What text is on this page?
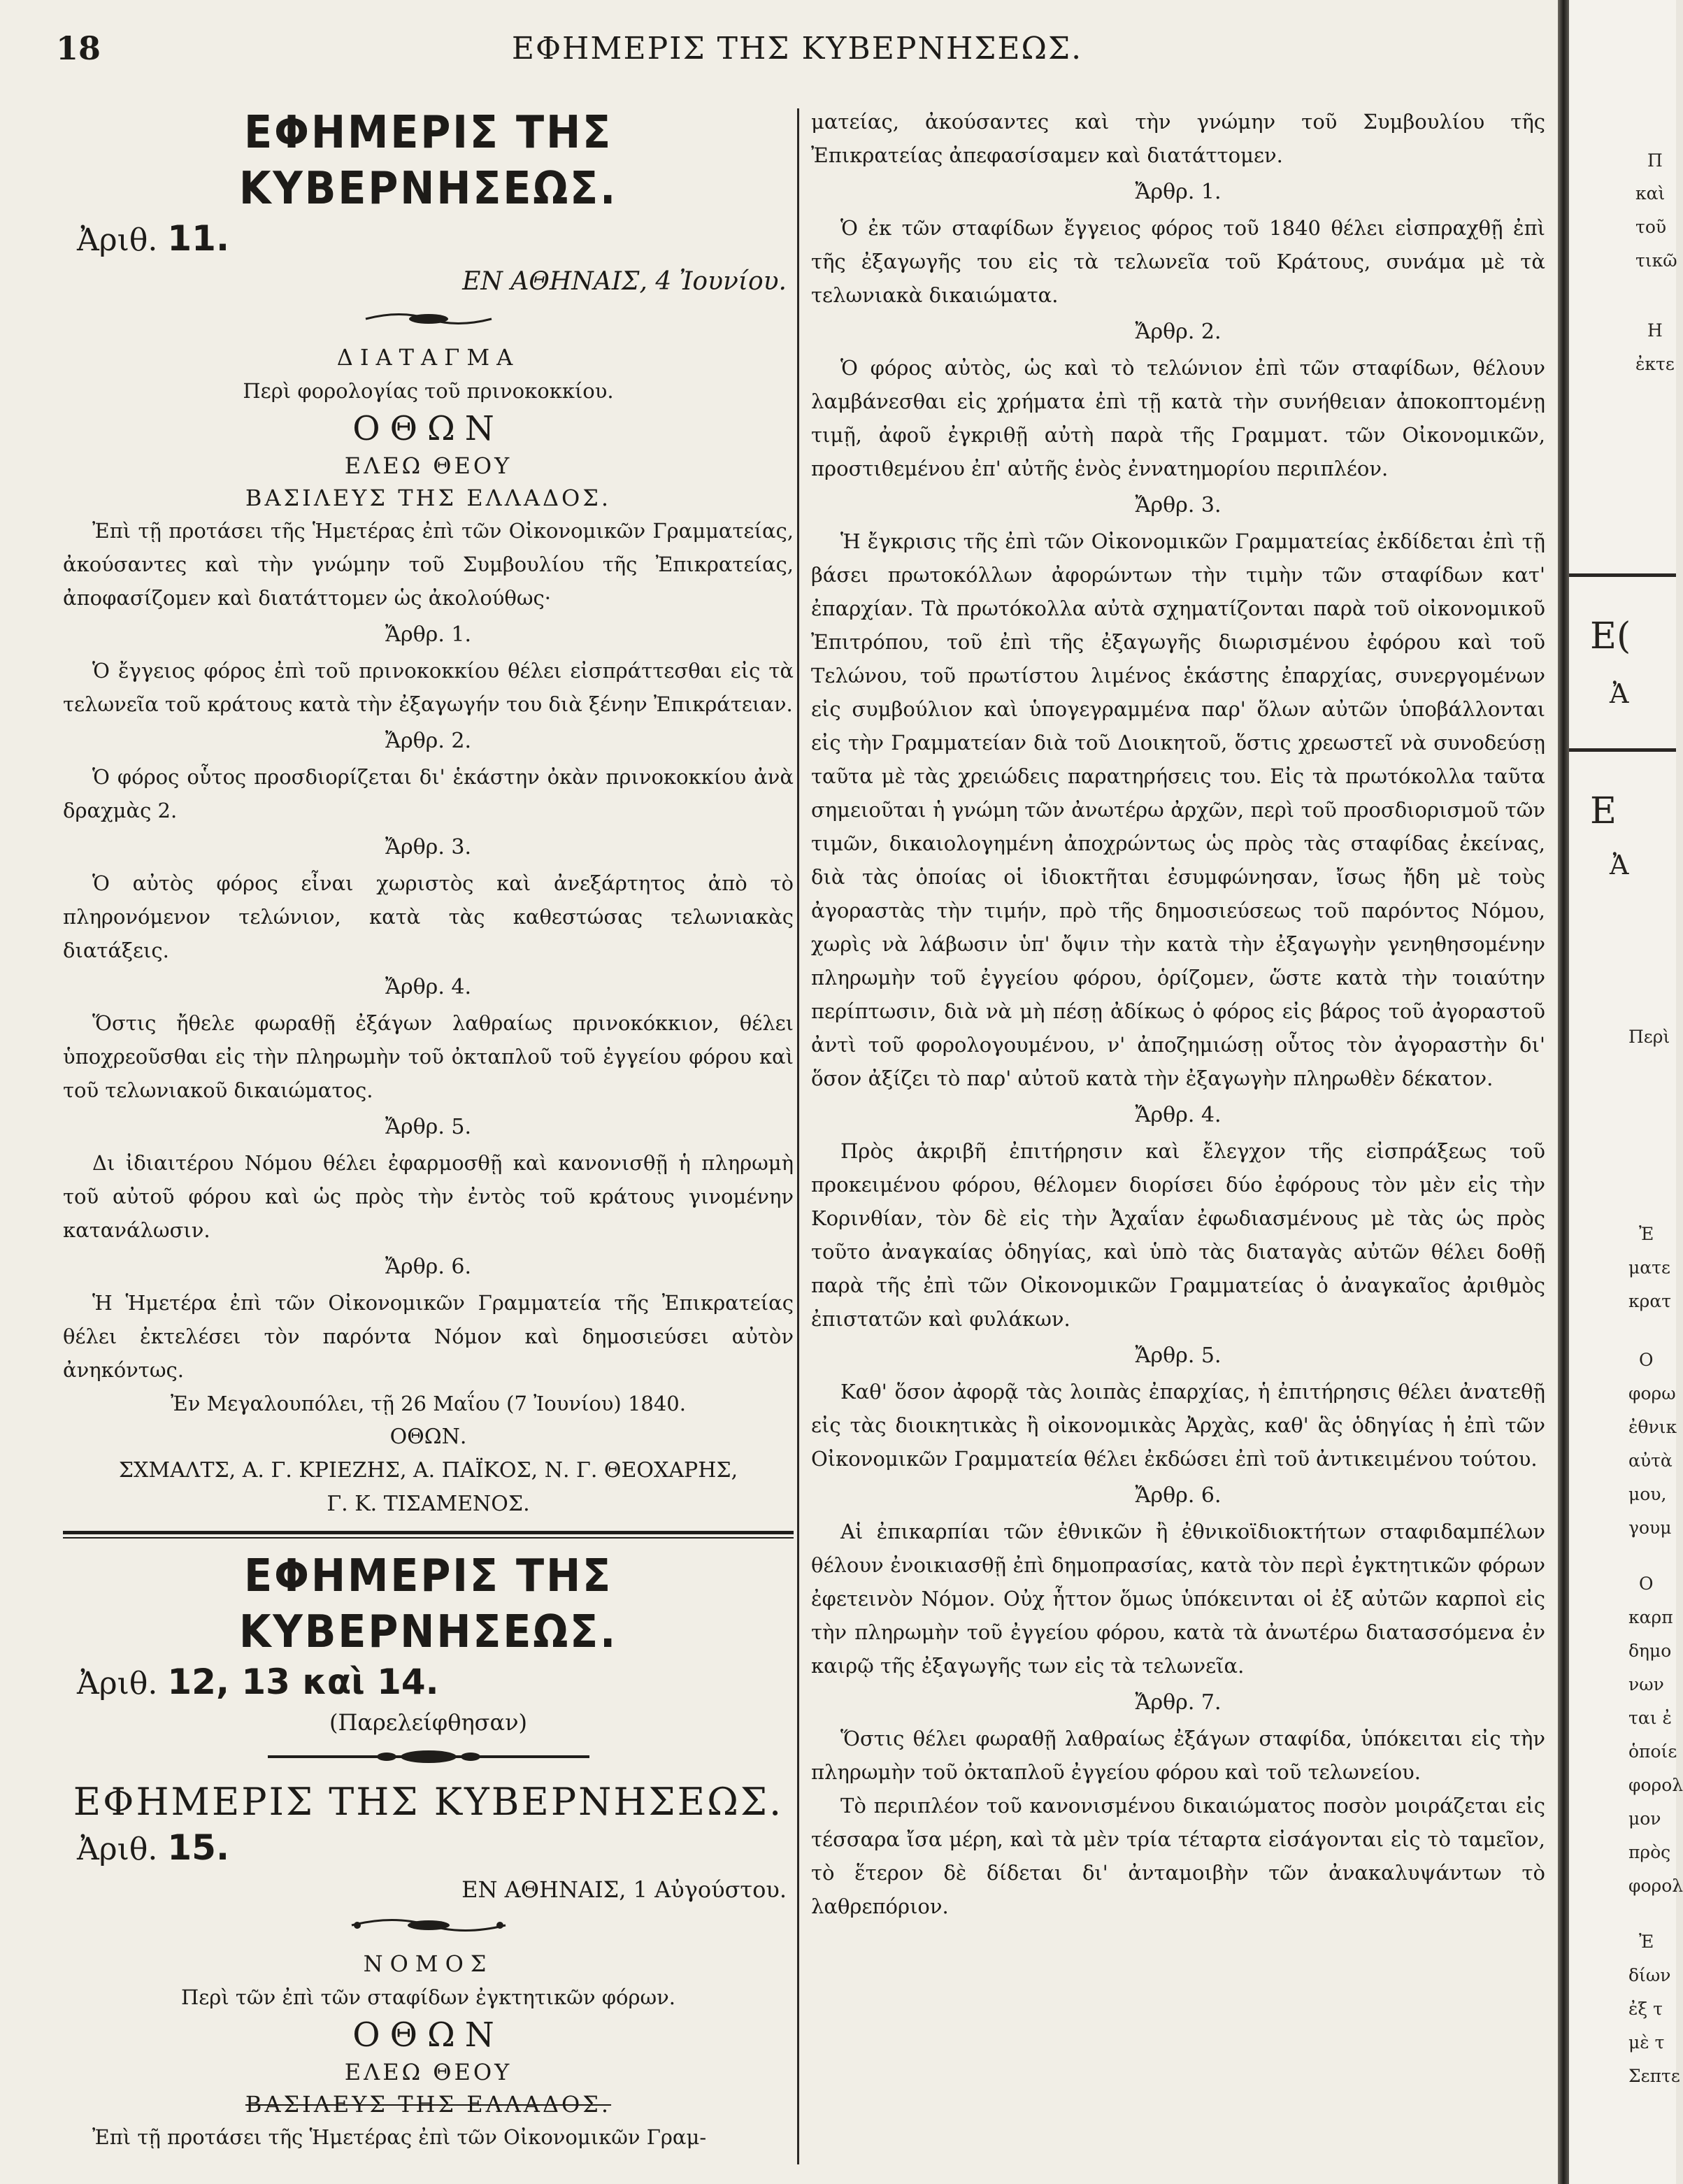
18	ΕΦΗΜΕΡΙΣ ΤΗΣ ΚΥΒΕΡΝΗΣΕΩΣ.
ΕΦΗΜΕΡΙΣ ΤΗΣ ΚΥΒΕΡΝΗΣΕΩΣ.
Ἀριθ. 11.
ΕΝ ΑΘΗΝΑΙΣ, 4 Ἰουνίου.
ΔΙΑΤΑΓΜΑ
Περὶ φορολογίας τοῦ πρινοκοκκίου.
ΟΘΩΝ
ΕΛΕΩ ΘΕΟΥ
ΒΑΣΙΛΕΥΣ ΤΗΣ ΕΛΛΑΔΟΣ.
Ἐπὶ τῇ προτάσει τῆς Ἡμετέρας ἐπὶ τῶν Οἰκονομικῶν Γραμματείας, ἀκούσαντες καὶ τὴν γνώμην τοῦ Συμβουλίου τῆς Ἐπικρατείας, ἀποφασίζομεν καὶ διατάττομεν ὡς ἀκολούθως·
Ἄρθρ. 1.
Ὁ ἔγγειος φόρος ἐπὶ τοῦ πρινοκοκκίου θέλει εἰσπράττεσθαι εἰς τὰ τελωνεῖα τοῦ κράτους κατὰ τὴν ἐξαγωγήν του διὰ ξένην Ἐπικράτειαν.
Ἄρθρ. 2.
Ὁ φόρος οὗτος προσδιορίζεται δι' ἑκάστην ὀκὰν πρινοκοκκίου ἀνὰ δραχμὰς 2.
Ἄρθρ. 3.
Ὁ αὐτὸς φόρος εἶναι χωριστὸς καὶ ἀνεξάρτητος ἀπὸ τὸ πληρονόμενον τελώνιον, κατὰ τὰς καθεστώσας τελωνιακὰς διατάξεις.
Ἄρθρ. 4.
Ὅστις ἤθελε φωραθῇ ἐξάγων λαθραίως πρινοκόκκιον, θέλει ὑποχρεοῦσθαι εἰς τὴν πληρωμὴν τοῦ ὀκταπλοῦ τοῦ ἐγγείου φόρου καὶ τοῦ τελωνιακοῦ δικαιώματος.
Ἄρθρ. 5.
Δι ἰδιαιτέρου Νόμου θέλει ἐφαρμοσθῇ καὶ κανονισθῇ ἡ πληρωμὴ τοῦ αὐτοῦ φόρου καὶ ὡς πρὸς τὴν ἐντὸς τοῦ κράτους γινομένην κατανάλωσιν.
Ἄρθρ. 6.
Ἡ Ἡμετέρα ἐπὶ τῶν Οἰκονομικῶν Γραμματεία τῆς Ἐπικρατείας θέλει ἐκτελέσει τὸν παρόντα Νόμον καὶ δημοσιεύσει αὐτὸν ἀνηκόντως.
Ἐν Μεγαλουπόλει, τῇ 26 Μαΐου (7 Ἰουνίου) 1840.
ΟΘΩΝ.
ΣΧΜΑΛΤΣ, Α. Γ. ΚΡΙΕΖΗΣ, Α. ΠΑΪΚΟΣ, Ν. Γ. ΘΕΟΧΑΡΗΣ,
Γ. Κ. ΤΙΣΑΜΕΝΟΣ.
ΕΦΗΜΕΡΙΣ ΤΗΣ ΚΥΒΕΡΝΗΣΕΩΣ.
Ἀριθ. 12, 13 καὶ 14.
(Παρελείφθησαν)
ΕΦΗΜΕΡΙΣ ΤΗΣ ΚΥΒΕΡΝΗΣΕΩΣ.
Ἀριθ. 15.
ΕΝ ΑΘΗΝΑΙΣ, 1 Αὐγούστου.
ΝΟΜΟΣ
Περὶ τῶν ἐπὶ τῶν σταφίδων ἐγκτητικῶν φόρων.
ΟΘΩΝ
ΕΛΕΩ ΘΕΟΥ
ΒΑΣΙΛΕΥΣ ΤΗΣ ΕΛΛΑΔΟΣ.
Ἐπὶ τῇ προτάσει τῆς Ἡμετέρας ἐπὶ τῶν Οἰκονομικῶν Γραμ-
ματείας, ἀκούσαντες καὶ τὴν γνώμην τοῦ Συμβουλίου τῆς Ἐπικρατείας ἀπεφασίσαμεν καὶ διατάττομεν.
Ἄρθρ. 1.
Ὁ ἐκ τῶν σταφίδων ἔγγειος φόρος τοῦ 1840 θέλει εἰσπραχθῇ ἐπὶ τῆς ἐξαγωγῆς του εἰς τὰ τελωνεῖα τοῦ Κράτους, συνάμα μὲ τὰ τελωνιακὰ δικαιώματα.
Ἄρθρ. 2.
Ὁ φόρος αὐτὸς, ὡς καὶ τὸ τελώνιον ἐπὶ τῶν σταφίδων, θέλουν λαμβάνεσθαι εἰς χρήματα ἐπὶ τῇ κατὰ τὴν συνήθειαν ἀποκοπτομένῃ τιμῇ, ἀφοῦ ἐγκριθῇ αὐτὴ παρὰ τῆς Γραμματ. τῶν Οἰκονομικῶν, προστιθεμένου ἐπ' αὐτῆς ἑνὸς ἐννατημορίου περιπλέον.
Ἄρθρ. 3.
Ἡ ἔγκρισις τῆς ἐπὶ τῶν Οἰκονομικῶν Γραμματείας ἐκδίδεται ἐπὶ τῇ βάσει πρωτοκόλλων ἀφορώντων τὴν τιμὴν τῶν σταφίδων κατ' ἐπαρχίαν. Τὰ πρωτόκολλα αὐτὰ σχηματίζονται παρὰ τοῦ οἰκονομικοῦ Ἐπιτρόπου, τοῦ ἐπὶ τῆς ἐξαγωγῆς διωρισμένου ἐφόρου καὶ τοῦ Τελώνου, τοῦ πρωτίστου λιμένος ἑκάστης ἐπαρχίας, συνεργομένων εἰς συμβούλιον καὶ ὑπογεγραμμένα παρ' ὅλων αὐτῶν ὑποβάλλονται εἰς τὴν Γραμματείαν διὰ τοῦ Διοικητοῦ, ὅστις χρεωστεῖ νὰ συνοδεύσῃ ταῦτα μὲ τὰς χρειώδεις παρατηρήσεις του. Εἰς τὰ πρωτόκολλα ταῦτα σημειοῦται ἡ γνώμη τῶν ἀνωτέρω ἀρχῶν, περὶ τοῦ προσδιορισμοῦ τῶν τιμῶν, δικαιολογημένη ἀποχρώντως ὡς πρὸς τὰς σταφίδας ἐκείνας, διὰ τὰς ὁποίας οἱ ἰδιοκτῆται ἐσυμφώνησαν, ἴσως ἤδη μὲ τοὺς ἀγοραστὰς τὴν τιμήν, πρὸ τῆς δημοσιεύσεως τοῦ παρόντος Νόμου, χωρὶς νὰ λάβωσιν ὑπ' ὄψιν τὴν κατὰ τὴν ἐξαγωγὴν γενηθησομένην πληρωμὴν τοῦ ἐγγείου φόρου, ὁρίζομεν, ὥστε κατὰ τὴν τοιαύτην περίπτωσιν, διὰ νὰ μὴ πέσῃ ἀδίκως ὁ φόρος εἰς βάρος τοῦ ἀγοραστοῦ ἀντὶ τοῦ φορολογουμένου, ν' ἀποζημιώσῃ οὗτος τὸν ἀγοραστὴν δι' ὅσον ἀξίζει τὸ παρ' αὐτοῦ κατὰ τὴν ἐξαγωγὴν πληρωθὲν δέκατον.
Ἄρθρ. 4.
Πρὸς ἀκριβῆ ἐπιτήρησιν καὶ ἔλεγχον τῆς εἰσπράξεως τοῦ προκειμένου φόρου, θέλομεν διορίσει δύο ἐφόρους τὸν μὲν εἰς τὴν Κορινθίαν, τὸν δὲ εἰς τὴν Ἀχαΐαν ἐφωδιασμένους μὲ τὰς ὡς πρὸς τοῦτο ἀναγκαίας ὁδηγίας, καὶ ὑπὸ τὰς διαταγὰς αὐτῶν θέλει δοθῇ παρὰ τῆς ἐπὶ τῶν Οἰκονομικῶν Γραμματείας ὁ ἀναγκαῖος ἀριθμὸς ἐπιστατῶν καὶ φυλάκων.
Ἄρθρ. 5.
Καθ' ὅσον ἀφορᾷ τὰς λοιπὰς ἐπαρχίας, ἡ ἐπιτήρησις θέλει ἀνατεθῇ εἰς τὰς διοικητικὰς ἢ οἰκονομικὰς Ἀρχὰς, καθ' ἃς ὁδηγίας ἡ ἐπὶ τῶν Οἰκονομικῶν Γραμματεία θέλει ἐκδώσει ἐπὶ τοῦ ἀντικειμένου τούτου.
Ἄρθρ. 6.
Αἱ ἐπικαρπίαι τῶν ἐθνικῶν ἢ ἐθνικοϊδιοκτήτων σταφιδαμπέλων θέλουν ἐνοικιασθῇ ἐπὶ δημοπρασίας, κατὰ τὸν περὶ ἐγκτητικῶν φόρων ἐφετεινὸν Νόμον. Οὐχ ἧττον ὅμως ὑπόκεινται οἱ ἐξ αὐτῶν καρποὶ εἰς τὴν πληρωμὴν τοῦ ἐγγείου φόρου, κατὰ τὰ ἀνωτέρω διατασσόμενα ἐν καιρῷ τῆς ἐξαγωγῆς των εἰς τὰ τελωνεῖα.
Ἄρθρ. 7.
Ὅστις θέλει φωραθῇ λαθραίως ἐξάγων σταφίδα, ὑπόκειται εἰς τὴν πληρωμὴν τοῦ ὀκταπλοῦ ἐγγείου φόρου καὶ τοῦ τελωνείου.
Τὸ περιπλέον τοῦ κανονισμένου δικαιώματος ποσὸν μοιράζεται εἰς τέσσαρα ἴσα μέρη, καὶ τὰ μὲν τρία τέταρτα εἰσάγονται εἰς τὸ ταμεῖον, τὸ ἕτερον δὲ δίδεται δι' ἀνταμοιβὴν τῶν ἀνακαλυψάντων τὸ λαθρεπόριον.
Π
καὶ
τοῦ
τικῶ
Η
ἐκτε
Ε(
Ἀ
Ε
Ἀ
Περὶ
Ἐ
ματε
κρατ
Ο
φορω
ἐθνικ
αὐτὰ
μου,
γουμ
Ο
καρπ
δημο
νων
ται ἐ
ὁποίε
φορολ
μον
πρὸς
φορολ
Ἐ
δίων
ἐξ τ
μὲ τ
Σεπτε
